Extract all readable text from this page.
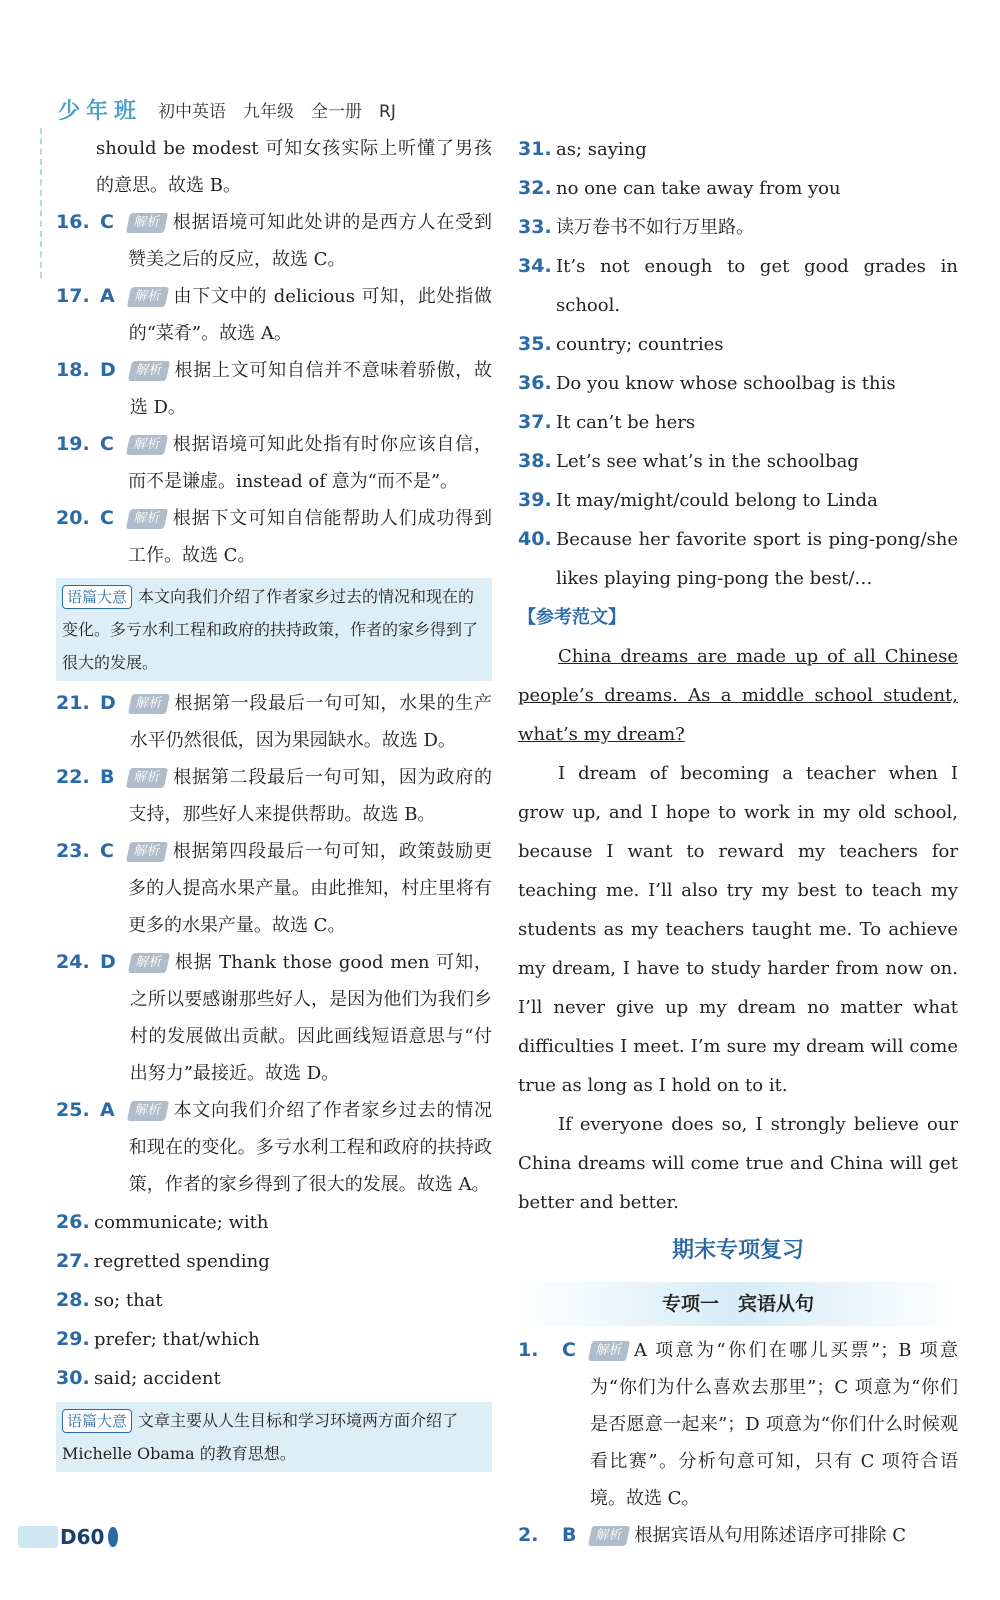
少年班 初中英语　九年级　全一册　RJ
should be modest 可知女孩实际上听懂了男孩的意思。故选 B。
16. C	解析 根据语境可知此处讲的是西方人在受到赞美之后的反应，故选 C。
17. A	解析 由下文中的 delicious 可知，此处指做的“菜肴”。故选 A。
18. D	解析 根据上文可知自信并不意味着骄傲，故选 D。
19. C	解析 根据语境可知此处指有时你应该自信，而不是谦虚。instead of 意为“而不是”。
20. C	解析 根据下文可知自信能帮助人们成功得到工作。故选 C。
语篇大意 本文向我们介绍了作者家乡过去的情况和现在的变化。多亏水利工程和政府的扶持政策，作者的家乡得到了很大的发展。
21. D	解析 根据第一段最后一句可知，水果的生产水平仍然很低，因为果园缺水。故选 D。
22. B	解析 根据第二段最后一句可知，因为政府的支持，那些好人来提供帮助。故选 B。
23. C	解析 根据第四段最后一句可知，政策鼓励更多的人提高水果产量。由此推知，村庄里将有更多的水果产量。故选 C。
24. D	解析 根据 Thank those good men 可知，之所以要感谢那些好人，是因为他们为我们乡村的发展做出贡献。因此画线短语意思与“付出努力”最接近。故选 D。
25. A	解析 本文向我们介绍了作者家乡过去的情况和现在的变化。多亏水利工程和政府的扶持政策，作者的家乡得到了很大的发展。故选 A。
26. communicate; with
27. regretted spending
28. so; that
29. prefer; that/which
30. said; accident
语篇大意 文章主要从人生目标和学习环境两方面介绍了 Michelle Obama 的教育思想。
31. as; saying
32. no one can take away from you
33. 读万卷书不如行万里路。
34. It’s not enough to get good grades in school.
35. country; countries
36. Do you know whose schoolbag is this
37. It can’t be hers
38. Let’s see what’s in the schoolbag
39. It may/might/could belong to Linda
40. Because her favorite sport is ping-pong/she likes playing ping-pong the best/…
【参考范文】

China dreams are made up of all Chinese people’s dreams. As a middle school student, what’s my dream?

I dream of becoming a teacher when I grow up, and I hope to work in my old school, because I want to reward my teachers for teaching me. I’ll also try my best to teach my students as my teachers taught me. To achieve my dream, I have to study harder from now on. I’ll never give up my dream no matter what difficulties I meet. I’m sure my dream will come true as long as I hold on to it.

If everyone does so, I strongly believe our China dreams will come true and China will get better and better.

期末专项复习
专项一　宾语从句
1.	C	解析 A 项意为“你们在哪儿买票”；B 项意为“你们为什么喜欢去那里”；C 项意为“你们是否愿意一起来”；D 项意为“你们什么时候观看比赛”。分析句意可知，只有 C 项符合语境。故选 C。
2.	B	解析 根据宾语从句用陈述语序可排除 C
D60
